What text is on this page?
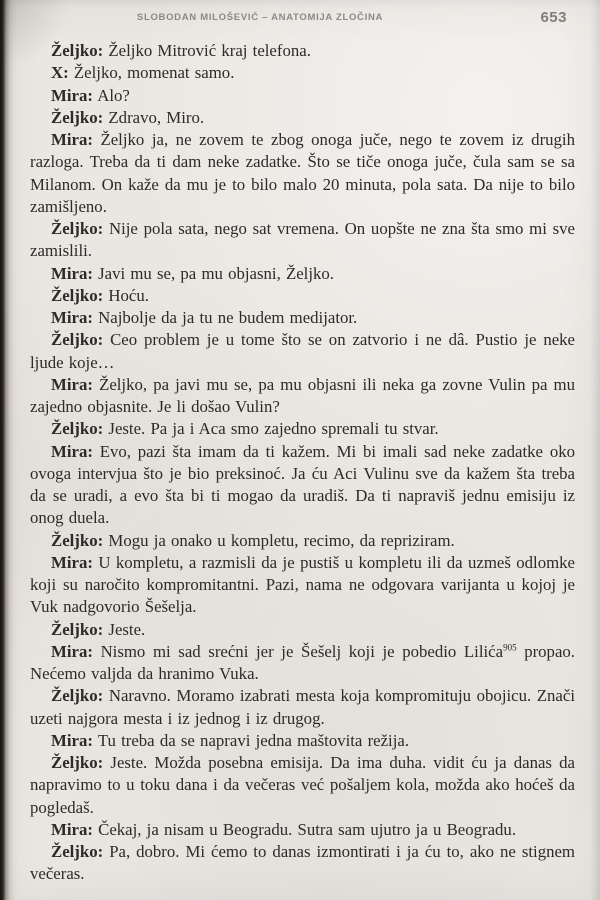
SLOBODAN MILOŠEVIĆ – ANATOMIJA ZLOČINA	653

Željko: Željko Mitrović kraj telefona.

X: Željko, momenat samo.

Mira: Alo?

Željko: Zdravo, Miro.

Mira: Željko ja, ne zovem te zbog onoga juče, nego te zovem iz drugih razloga. Treba da ti dam neke zadatke. Što se tiče onoga juče, čula sam se sa Milanom. On kaže da mu je to bilo malo 20 minuta, pola sata. Da nije to bilo zamišljeno.

Željko: Nije pola sata, nego sat vremena. On uopšte ne zna šta smo mi sve zamislili.

Mira: Javi mu se, pa mu objasni, Željko.

Željko: Hoću.

Mira: Najbolje da ja tu ne budem medijator.

Željko: Ceo problem je u tome što se on zatvorio i ne dâ. Pustio je neke ljude koje…

Mira: Željko, pa javi mu se, pa mu objasni ili neka ga zovne Vulin pa mu zajedno objasnite. Je li došao Vulin?

Željko: Jeste. Pa ja i Aca smo zajedno spremali tu stvar.

Mira: Evo, pazi šta imam da ti kažem. Mi bi imali sad neke zadatke oko ovoga intervjua što je bio preksinoć. Ja ću Aci Vulinu sve da kažem šta treba da se uradi, a evo šta bi ti mogao da uradiš. Da ti napraviš jednu emisiju iz onog duela.

Željko: Mogu ja onako u kompletu, recimo, da repriziram.

Mira: U kompletu, a razmisli da je pustiš u kompletu ili da uzmeš odlomke koji su naročito kompromitantni. Pazi, nama ne odgovara varijanta u kojoj je Vuk nadgovorio Šešelja.

Željko: Jeste.

Mira: Nismo mi sad srećni jer je Šešelj koji je pobedio Lilića$^{905}$ propao. Nećemo valjda da hranimo Vuka.

Željko: Naravno. Moramo izabrati mesta koja kompromituju obojicu. Znači uzeti najgora mesta i iz jednog i iz drugog.

Mira: Tu treba da se napravi jedna maštovita režija.

Željko: Jeste. Možda posebna emisija. Da ima duha. vidit ću ja danas da napravimo to u toku dana i da večeras već pošaljem kola, možda ako hoćeš da pogledaš.

Mira: Čekaj, ja nisam u Beogradu. Sutra sam ujutro ja u Beogradu.

Željko: Pa, dobro. Mi ćemo to danas izmontirati i ja ću to, ako ne stignem večeras.
